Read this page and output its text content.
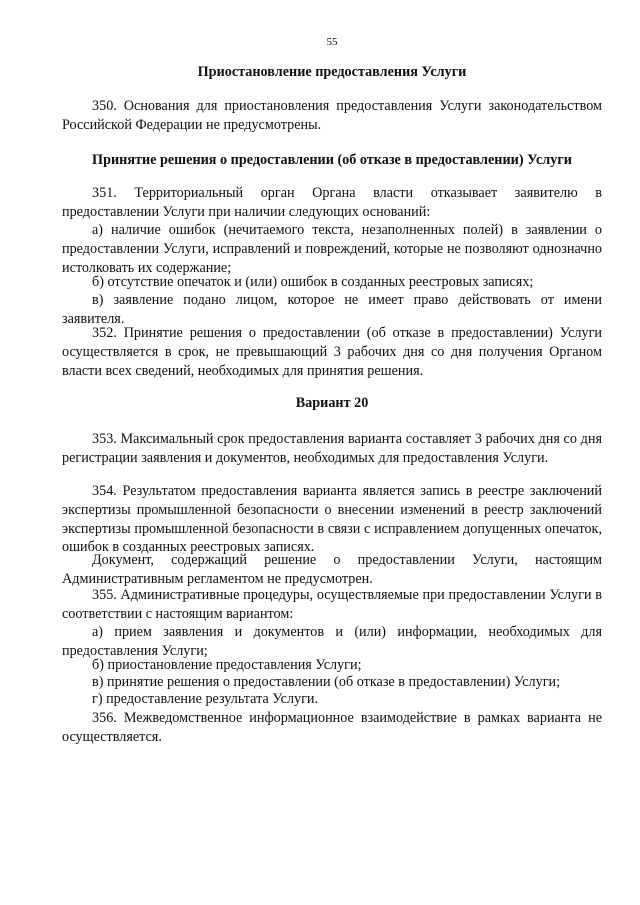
55
Приостановление предоставления Услуги
350. Основания для приостановления предоставления Услуги законодательством Российской Федерации не предусмотрены.
Принятие решения о предоставлении (об отказе в предоставлении) Услуги
351. Территориальный орган Органа власти отказывает заявителю в предоставлении Услуги при наличии следующих оснований:
а) наличие ошибок (нечитаемого текста, незаполненных полей) в заявлении о предоставлении Услуги, исправлений и повреждений, которые не позволяют однозначно истолковать их содержание;
б) отсутствие опечаток и (или) ошибок в созданных реестровых записях;
в) заявление подано лицом, которое не имеет право действовать от имени заявителя.
352. Принятие решения о предоставлении (об отказе в предоставлении) Услуги осуществляется в срок, не превышающий 3 рабочих дня со дня получения Органом власти всех сведений, необходимых для принятия решения.
Вариант 20
353. Максимальный срок предоставления варианта составляет 3 рабочих дня со дня регистрации заявления и документов, необходимых для предоставления Услуги.
354. Результатом предоставления варианта является запись в реестре заключений экспертизы промышленной безопасности о внесении изменений в реестр заключений экспертизы промышленной безопасности в связи с исправлением допущенных опечаток, ошибок в созданных реестровых записях.
Документ, содержащий решение о предоставлении Услуги, настоящим Административным регламентом не предусмотрен.
355. Административные процедуры, осуществляемые при предоставлении Услуги в соответствии с настоящим вариантом:
а) прием заявления и документов и (или) информации, необходимых для предоставления Услуги;
б) приостановление предоставления Услуги;
в) принятие решения о предоставлении (об отказе в предоставлении) Услуги;
г) предоставление результата Услуги.
356. Межведомственное информационное взаимодействие в рамках варианта не осуществляется.
